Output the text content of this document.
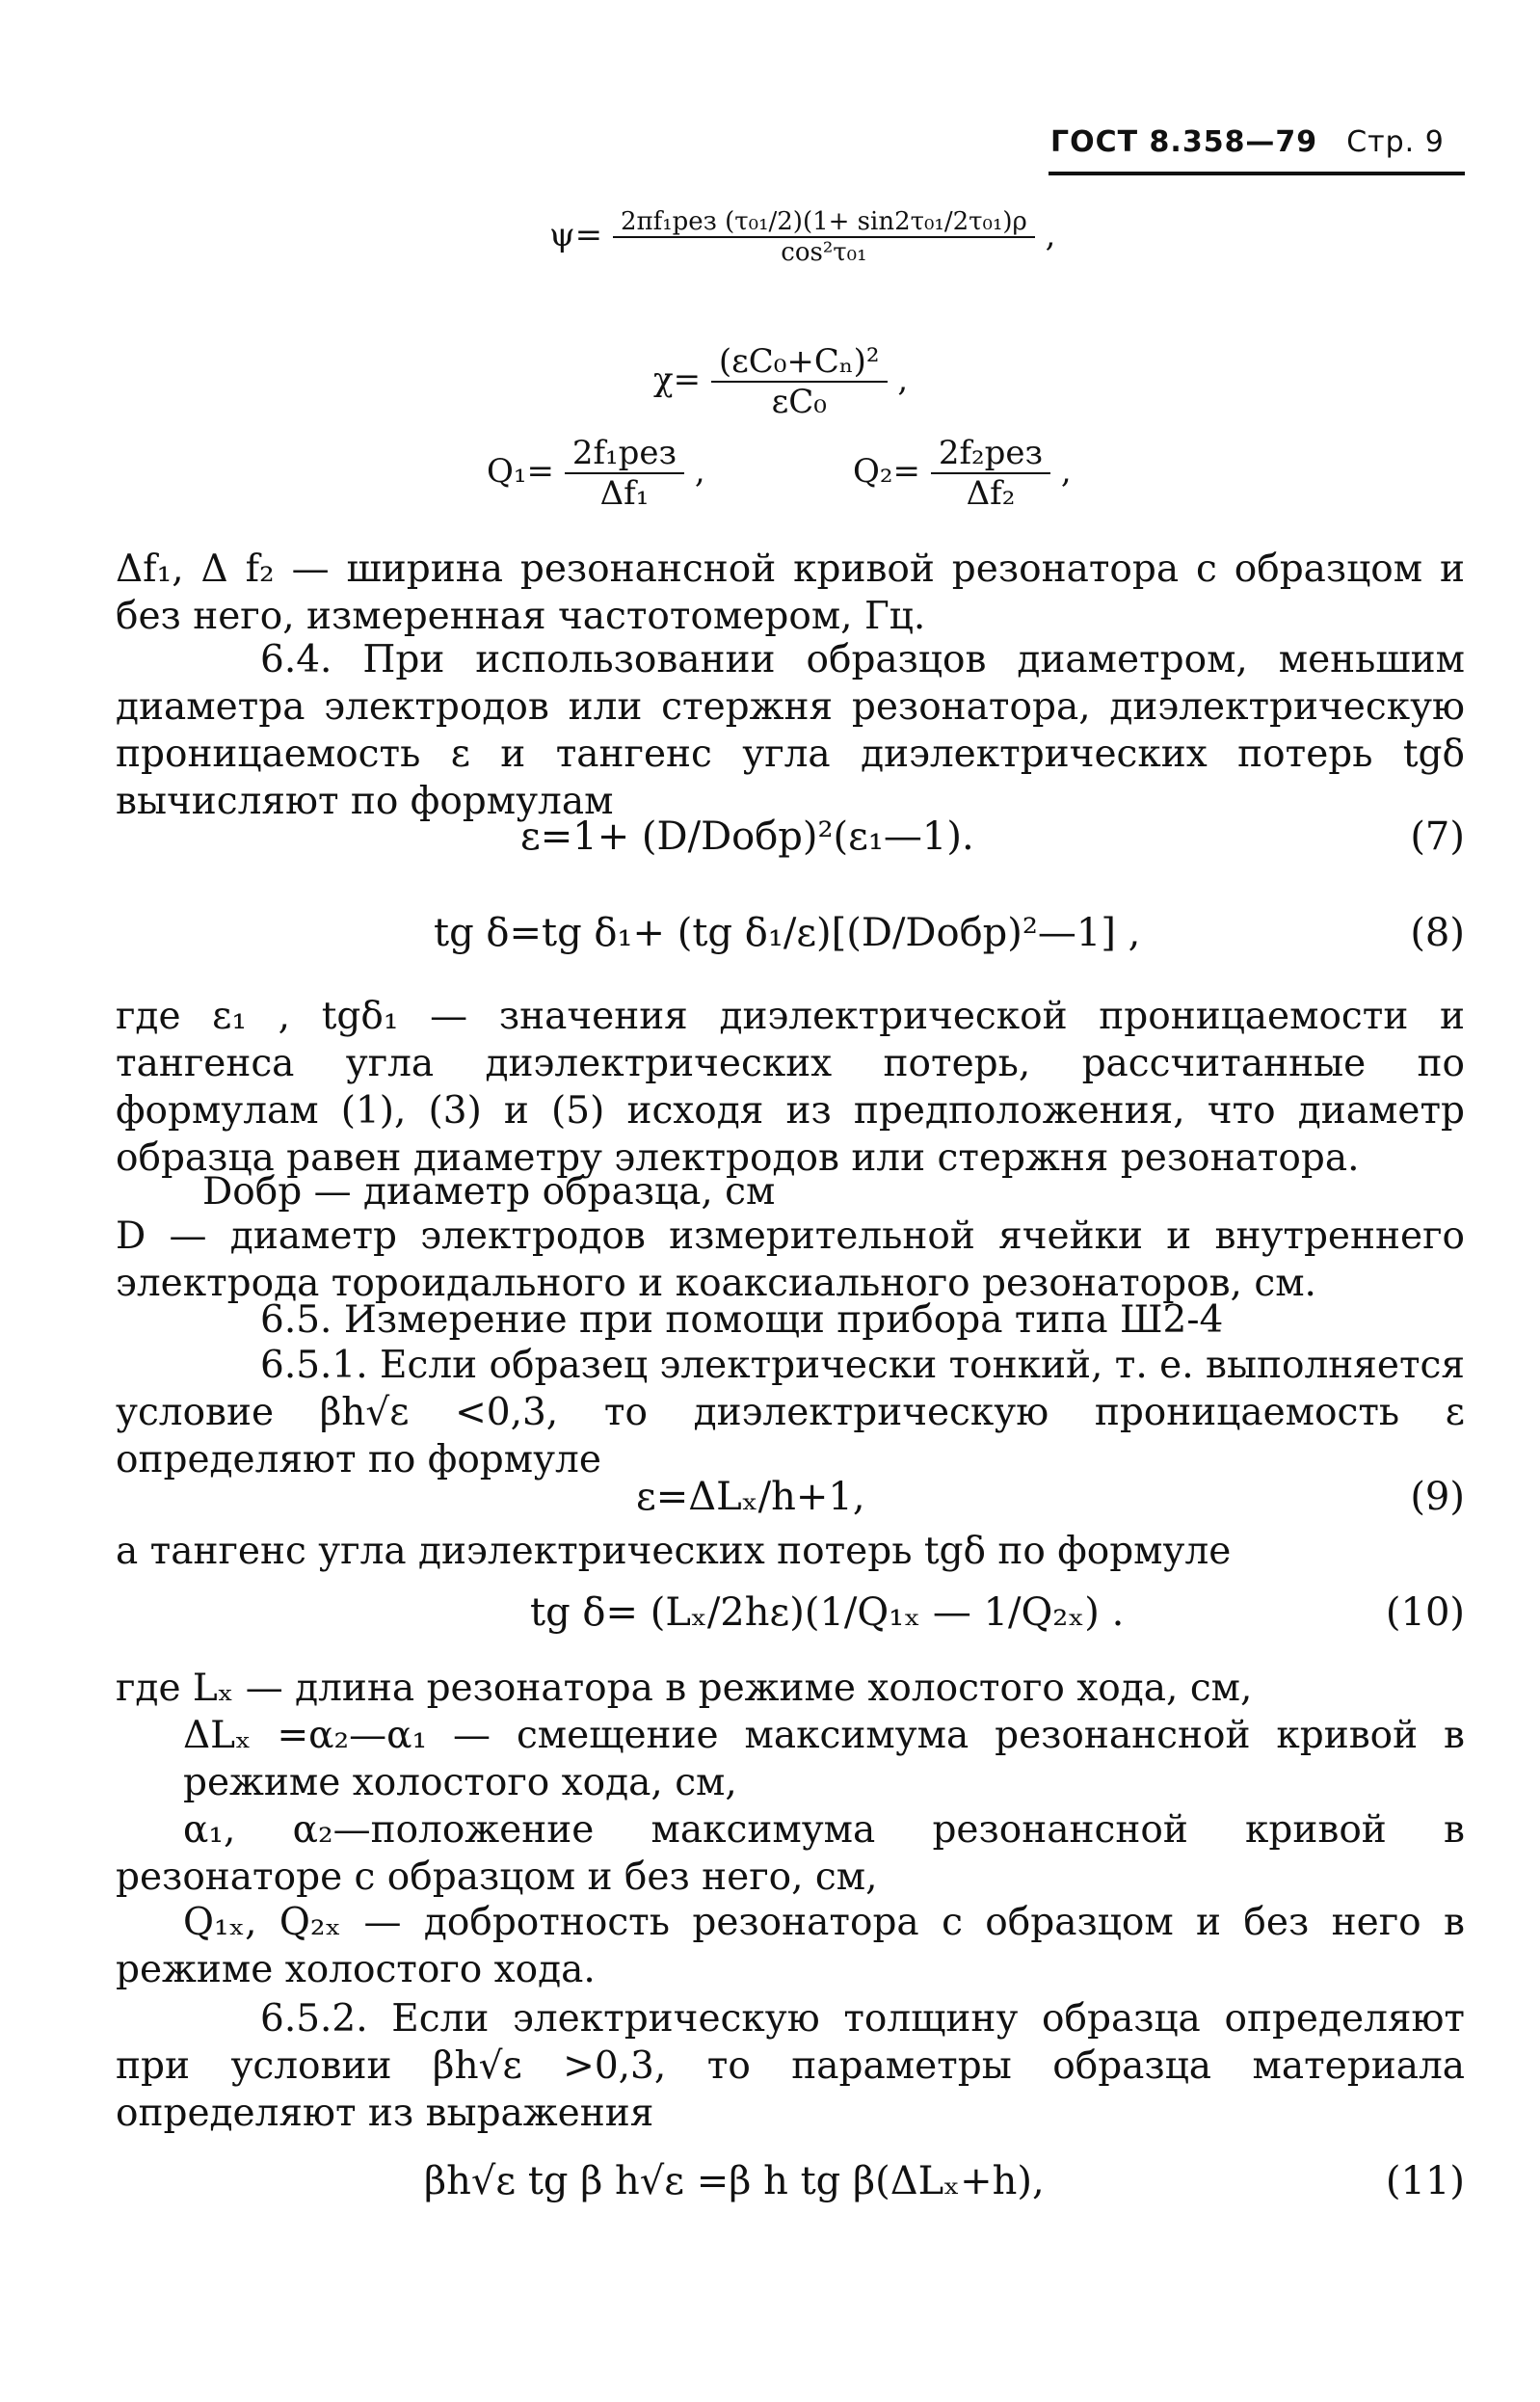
ГОСТ 8.358—79 Стр. 9
$\psi= \frac{\text{2πf₁рез (τ₀₁/2)(1+ sin2τ₀₁/2τ₀₁)ρ}}{\text{cos²τ₀₁}}$ ,
$\chi= \frac{\text{(εC₀+Cₙ)²}}{\text{εC₀}}$ ,
$Q_1= \frac{\text{2f₁рез}}{\text{Δf₁}}$ ,	$Q_2= \frac{\text{2f₂рез}}{\text{Δf₂}}$ ,
Δf₁, Δ f₂ — ширина резонансной кривой резонатора с образцом и без него, измеренная частотомером, Гц.
6.4. При использовании образцов диаметром, меньшим диаметра электродов или стержня резонатора, диэлектрическую проницаемость ε и тангенс угла диэлектрических потерь tgδ вычисляют по формулам
ε=1+ (D/Dобр)²(ε₁—1).	(7)
tg δ=tg δ₁+ (tg δ₁/ε)[(D/Dобр)²—1] ,	(8)
где ε₁ , tgδ₁ — значения диэлектрической проницаемости и тангенса угла диэлектрических потерь, рассчитанные по формулам (1), (3) и (5) исходя из предположения, что диаметр образца равен диаметру электродов или стержня резонатора.
Dобр — диаметр образца, см
D — диаметр электродов измерительной ячейки и внутреннего электрода тороидального и коаксиального резонаторов, см.
6.5. Измерение при помощи прибора типа Ш2-4
6.5.1. Если образец электрически тонкий, т. е. выполняется условие βh√ε <0,3, то диэлектрическую проницаемость ε определяют по формуле
ε=ΔLₓ/h+1,	(9)
а тангенс угла диэлектрических потерь tgδ по формуле
tg δ= (Lₓ/2hε)(1/Q₁ₓ — 1/Q₂ₓ) .	(10)
где Lₓ — длина резонатора в режиме холостого хода, см,
ΔLₓ =α₂—α₁ — смещение максимума резонансной кривой в режиме холостого хода, см,
α₁, α₂—положение максимума резонансной кривой в резонаторе с образцом и без него, см,
Q₁ₓ, Q₂ₓ — добротность резонатора с образцом и без него в режиме холостого хода.
6.5.2. Если электрическую толщину образца определяют при условии βh√ε >0,3, то параметры образца материала определяют из выражения
βh√ε tg β h√ε =β h tg β(ΔLₓ+h),	(11)
